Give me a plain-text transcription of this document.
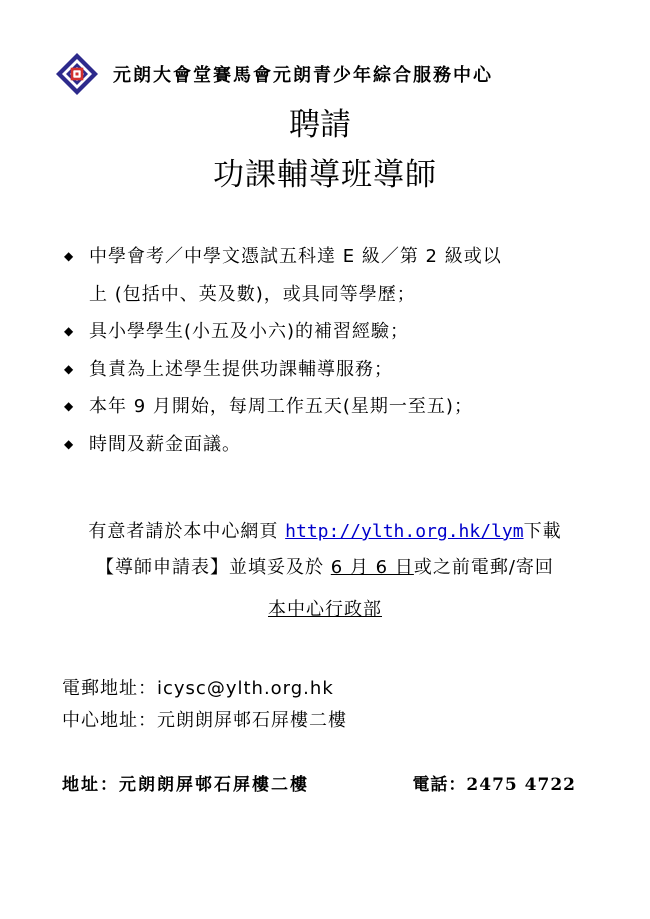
元朗大會堂賽馬會元朗青少年綜合服務中心
聘請
功課輔導班導師
◆ 中學會考／中學文憑試五科達 E 級／第 2 級或以
上 (包括中、英及數)，或具同等學歷；
◆ 具小學學生(小五及小六)的補習經驗；
◆ 負責為上述學生提供功課輔導服務；
◆ 本年 9 月開始，每周工作五天(星期一至五)；
◆ 時間及薪金面議。
有意者請於本中心網頁 http://ylth.org.hk/lym下載
【導師申請表】並填妥及於 6 月 6 日或之前電郵/寄回
本中心行政部
電郵地址：icysc@ylth.org.hk
中心地址：元朗朗屏邨石屏樓二樓
地址：元朗朗屏邨石屏樓二樓	電話：2475 4722
